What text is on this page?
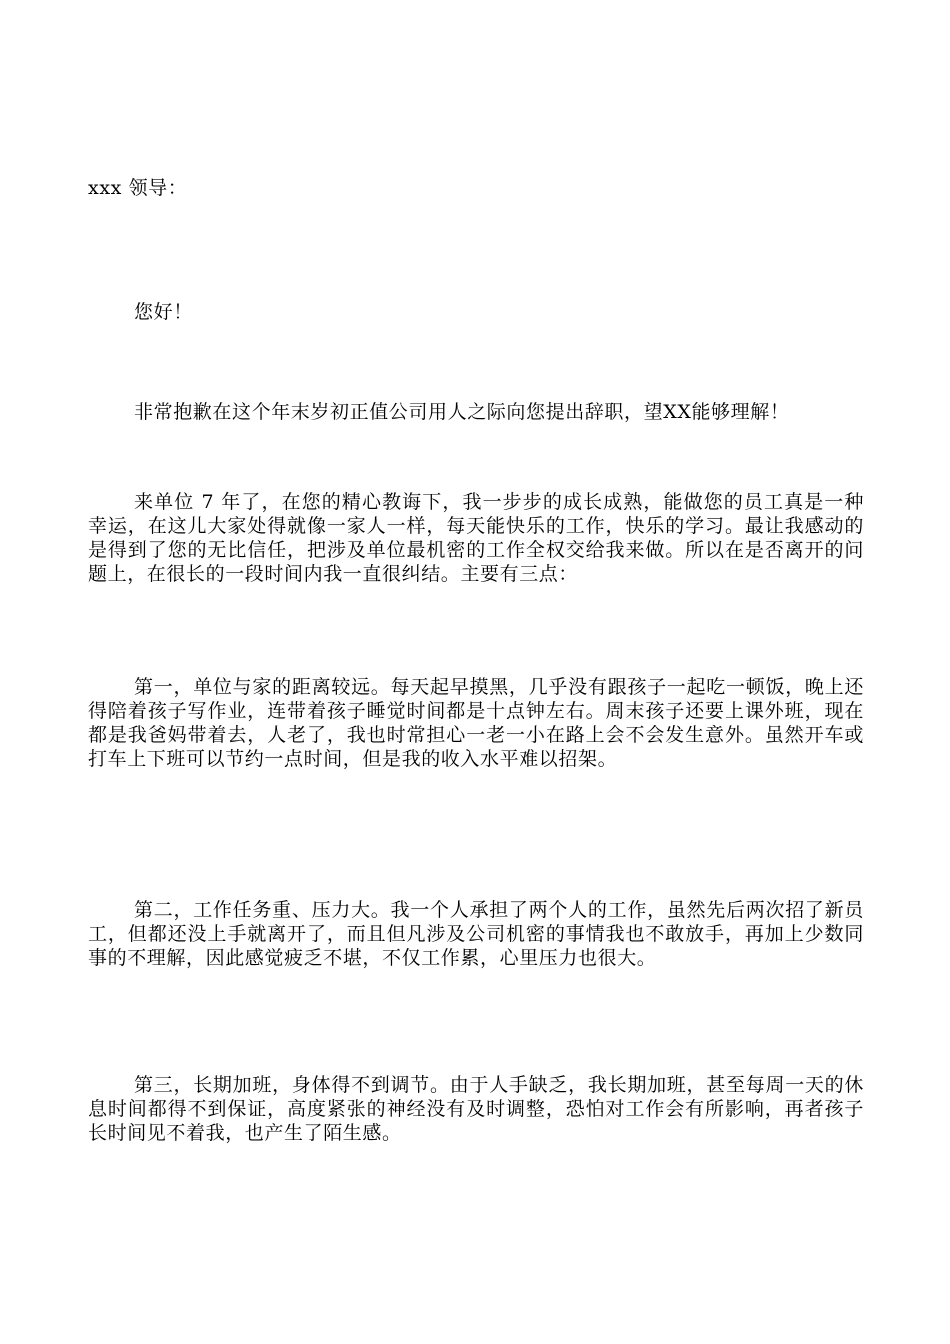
xxx 领导：

您好！

非常抱歉在这个年末岁初正值公司用人之际向您提出辞职，望XX能够理解！

来单位 7 年了，在您的精心教诲下，我一步步的成长成熟，能做您的员工真是一种幸运，在这儿大家处得就像一家人一样，每天能快乐的工作，快乐的学习。最让我感动的是得到了您的无比信任，把涉及单位最机密的工作全权交给我来做。所以在是否离开的问题上，在很长的一段时间内我一直很纠结。主要有三点：

第一，单位与家的距离较远。每天起早摸黑，几乎没有跟孩子一起吃一顿饭，晚上还得陪着孩子写作业，连带着孩子睡觉时间都是十点钟左右。周末孩子还要上课外班，现在都是我爸妈带着去，人老了，我也时常担心一老一小在路上会不会发生意外。虽然开车或打车上下班可以节约一点时间，但是我的收入水平难以招架。

第二，工作任务重、压力大。我一个人承担了两个人的工作，虽然先后两次招了新员工，但都还没上手就离开了，而且但凡涉及公司机密的事情我也不敢放手，再加上少数同事的不理解，因此感觉疲乏不堪，不仅工作累，心里压力也很大。

第三，长期加班，身体得不到调节。由于人手缺乏，我长期加班，甚至每周一天的休息时间都得不到保证，高度紧张的神经没有及时调整，恐怕对工作会有所影响，再者孩子长时间见不着我，也产生了陌生感。
